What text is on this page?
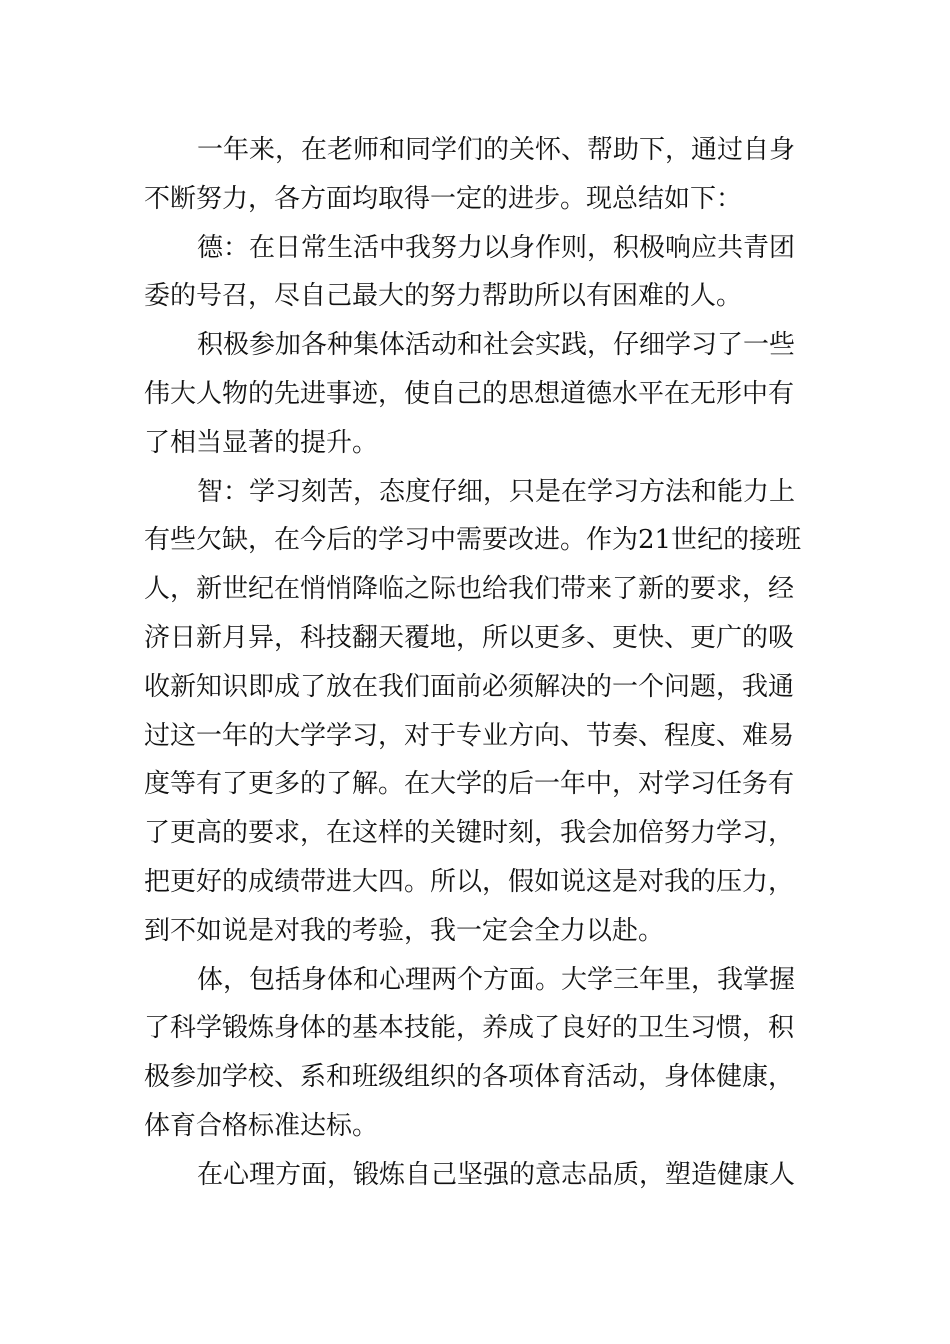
一年来，在老师和同学们的关怀、帮助下，通过自身
不断努力，各方面均取得一定的进步。现总结如下：
德：在日常生活中我努力以身作则，积极响应共青团
委的号召，尽自己最大的努力帮助所以有困难的人。
积极参加各种集体活动和社会实践，仔细学习了一些
伟大人物的先进事迹，使自己的思想道德水平在无形中有
了相当显著的提升。
智：学习刻苦，态度仔细，只是在学习方法和能力上
有些欠缺，在今后的学习中需要改进。作为21世纪的接班
人，新世纪在悄悄降临之际也给我们带来了新的要求，经
济日新月异，科技翻天覆地，所以更多、更快、更广的吸
收新知识即成了放在我们面前必须解决的一个问题，我通
过这一年的大学学习，对于专业方向、节奏、程度、难易
度等有了更多的了解。在大学的后一年中，对学习任务有
了更高的要求，在这样的关键时刻，我会加倍努力学习，
把更好的成绩带进大四。所以，假如说这是对我的压力，
到不如说是对我的考验，我一定会全力以赴。
体，包括身体和心理两个方面。大学三年里，我掌握
了科学锻炼身体的基本技能，养成了良好的卫生习惯，积
极参加学校、系和班级组织的各项体育活动，身体健康，
体育合格标准达标。
在心理方面，锻炼自己坚强的意志品质，塑造健康人
